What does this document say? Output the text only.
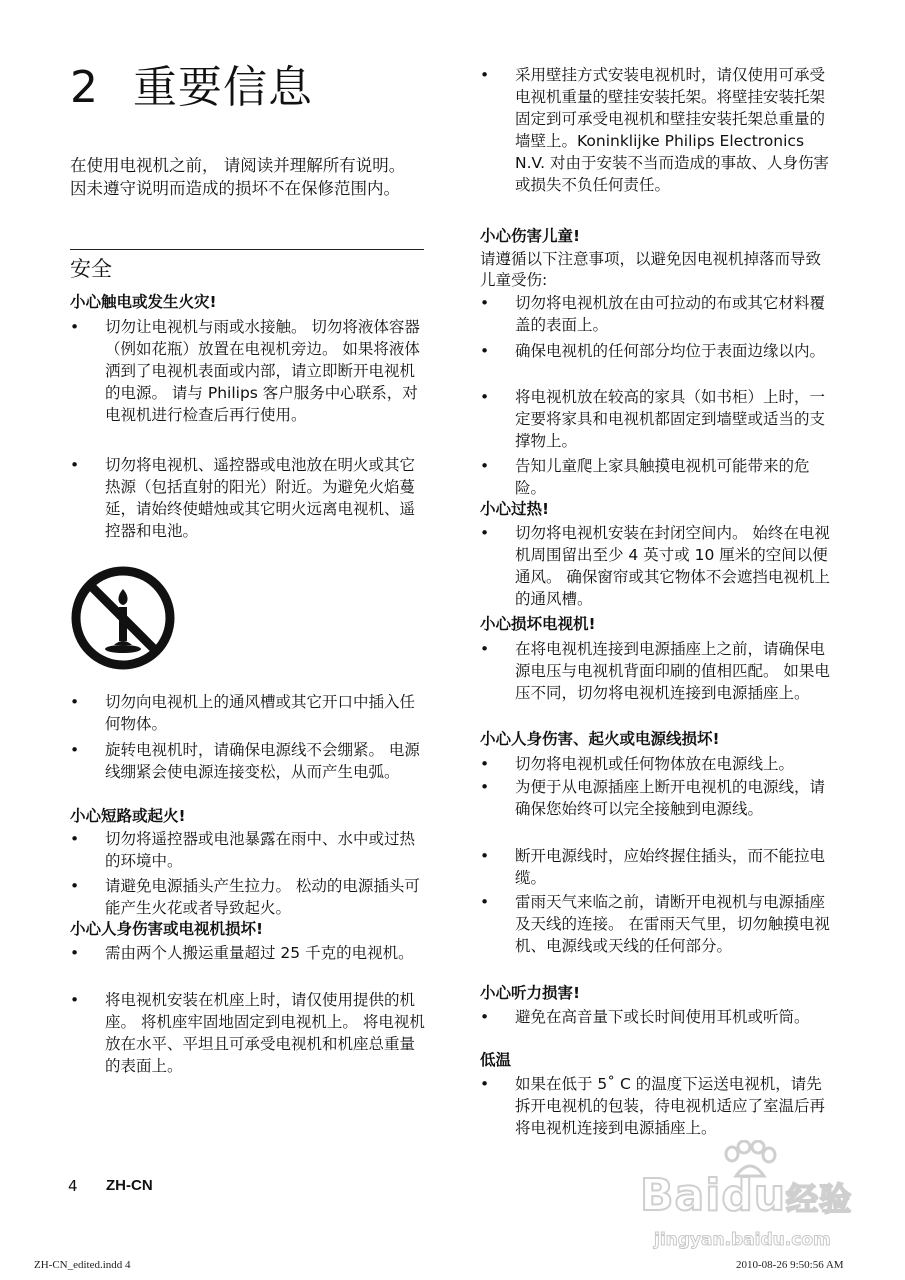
2 重要信息
在使用电视机之前， 请阅读并理解所有说明。 因未遵守说明而造成的损坏不在保修范围内。
安全
小心触电或发生火灾!
•	切勿让电视机与雨或水接触。 切勿将液体容器（例如花瓶）放置在电视机旁边。 如果将液体洒到了电视机表面或内部，请立即断开电视机的电源。 请与 Philips 客户服务中心联系，对电视机进行检查后再行使用。
•	切勿将电视机、遥控器或电池放在明火或其它热源（包括直射的阳光）附近。为避免火焰蔓延，请始终使蜡烛或其它明火远离电视机、遥控器和电池。
•	切勿向电视机上的通风槽或其它开口中插入任何物体。
•	旋转电视机时，请确保电源线不会绷紧。 电源线绷紧会使电源连接变松，从而产生电弧。
小心短路或起火!
•	切勿将遥控器或电池暴露在雨中、水中或过热的环境中。
•	请避免电源插头产生拉力。 松动的电源插头可能产生火花或者导致起火。
小心人身伤害或电视机损坏!
•	需由两个人搬运重量超过 25 千克的电视机。
•	将电视机安装在机座上时，请仅使用提供的机座。 将机座牢固地固定到电视机上。 将电视机放在水平、平坦且可承受电视机和机座总重量的表面上。
•	采用壁挂方式安装电视机时，请仅使用可承受电视机重量的壁挂安装托架。将壁挂安装托架固定到可承受电视机和壁挂安装托架总重量的墙壁上。Koninklijke Philips Electronics N.V. 对由于安装不当而造成的事故、人身伤害或损失不负任何责任。
小心伤害儿童!
请遵循以下注意事项，以避免因电视机掉落而导致儿童受伤:
•	切勿将电视机放在由可拉动的布或其它材料覆盖的表面上。
•	确保电视机的任何部分均位于表面边缘以内。
•	将电视机放在较高的家具（如书柜）上时，一定要将家具和电视机都固定到墙壁或适当的支撑物上。
•	告知儿童爬上家具触摸电视机可能带来的危险。
小心过热!
•	切勿将电视机安装在封闭空间内。 始终在电视机周围留出至少 4 英寸或 10 厘米的空间以便通风。 确保窗帘或其它物体不会遮挡电视机上的通风槽。
小心损坏电视机!
•	在将电视机连接到电源插座上之前，请确保电源电压与电视机背面印刷的值相匹配。 如果电压不同，切勿将电视机连接到电源插座上。
小心人身伤害、起火或电源线损坏!
•	切勿将电视机或任何物体放在电源线上。
•	为便于从电源插座上断开电视机的电源线，请确保您始终可以完全接触到电源线。
•	断开电源线时，应始终握住插头，而不能拉电缆。
•	雷雨天气来临之前，请断开电视机与电源插座及天线的连接。 在雷雨天气里，切勿触摸电视机、电源线或天线的任何部分。
小心听力损害!
•	避免在高音量下或长时间使用耳机或听筒。
低温
•	如果在低于 5˚ C 的温度下运送电视机，请先拆开电视机的包装，待电视机适应了室温后再将电视机连接到电源插座上。
4 ZH-CN
ZH-CN_edited.indd 4	2010-08-26 9:50:56 AM
Baidu经验
jingyan.baidu.com
